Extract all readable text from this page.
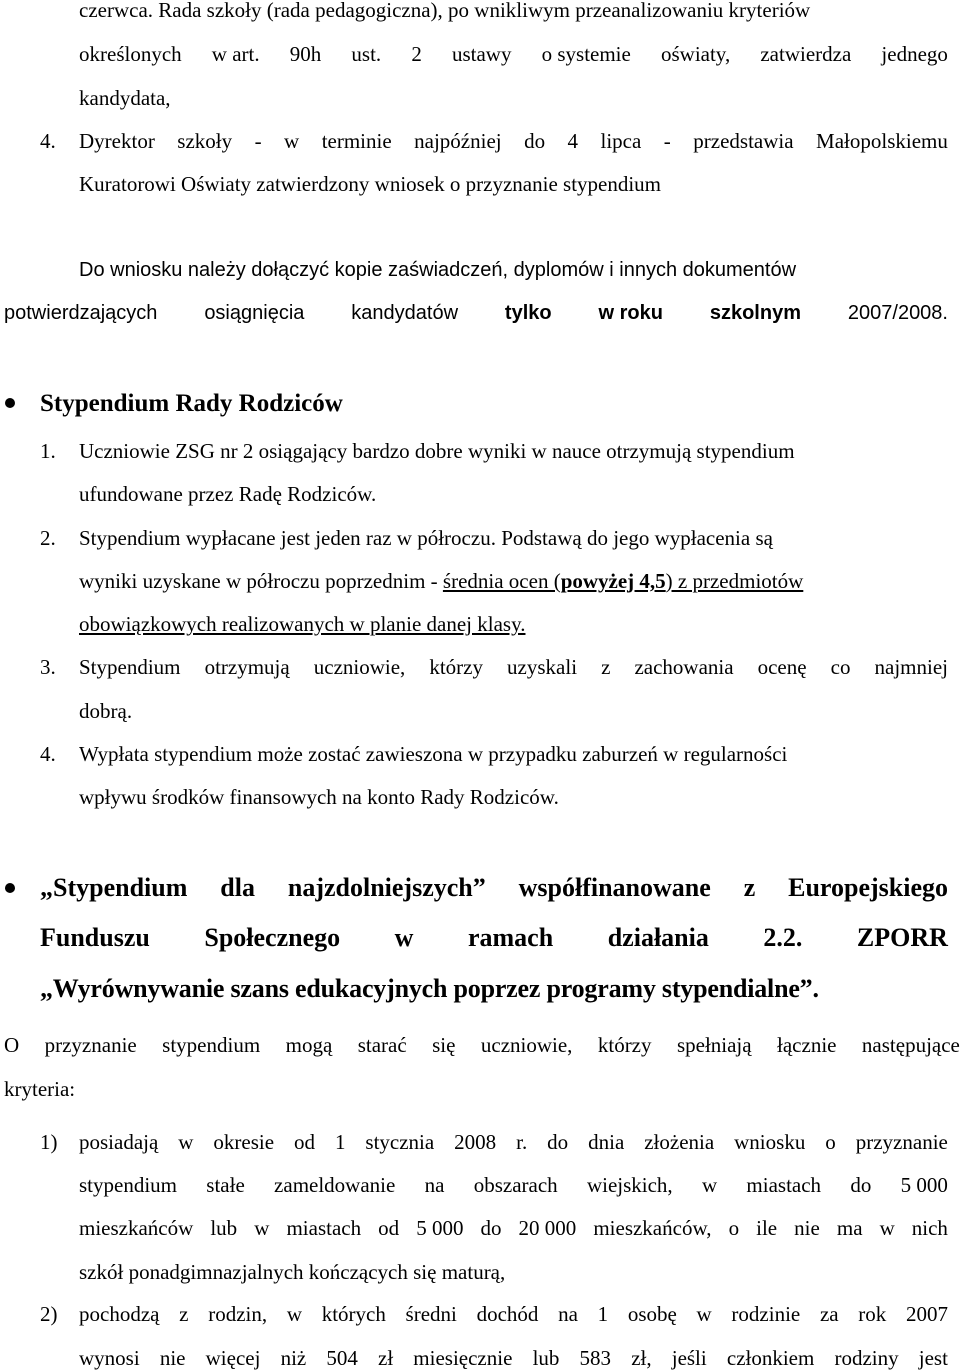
czerwca. Rada szkoły (rada pedagogiczna), po wnikliwym przeanalizowaniu kryteriów
określonych w art. 90h ust. 2 ustawy o systemie oświaty, zatwierdza jednego
kandydata,
4. Dyrektor szkoły - w terminie najpóźniej do 4 lipca - przedstawia Małopolskiemu
Kuratorowi Oświaty zatwierdzony wniosek o przyznanie stypendium
Do wniosku należy dołączyć kopie zaświadczeń, dyplomów i innych dokumentów
potwierdzających osiągnięcia kandydatów tylko w roku szkolnym 2007/2008.
Stypendium Rady Rodziców
1. Uczniowie ZSG nr 2 osiągający bardzo dobre wyniki w nauce otrzymują stypendium
ufundowane przez Radę Rodziców.
2. Stypendium wypłacane jest jeden raz w półroczu. Podstawą do jego wypłacenia są
wyniki uzyskane w półroczu poprzednim - średnia ocen (powyżej 4,5) z przedmiotów
obowiązkowych realizowanych w planie danej klasy.
3. Stypendium otrzymują uczniowie, którzy uzyskali z zachowania ocenę co najmniej
dobrą.
4. Wypłata stypendium może zostać zawieszona w przypadku zaburzeń w regularności
wpływu środków finansowych na konto Rady Rodziców.
„Stypendium dla najzdolniejszych” współfinanowane z Europejskiego
Funduszu Społecznego w ramach działania 2.2. ZPORR
„Wyrównywanie szans edukacyjnych poprzez programy stypendialne”.
O przyznanie stypendium mogą starać się uczniowie, którzy spełniają łącznie następujące
kryteria:
1) posiadają w okresie od 1 stycznia 2008 r. do dnia złożenia wniosku o przyznanie
stypendium stałe zameldowanie na obszarach wiejskich, w miastach do 5 000
mieszkańców lub w miastach od 5 000 do 20 000 mieszkańców, o ile nie ma w nich
szkół ponadgimnazjalnych kończących się maturą,
2) pochodzą z rodzin, w których średni dochód na 1 osobę w rodzinie za rok 2007
wynosi nie więcej niż 504 zł miesięcznie lub 583 zł, jeśli członkiem rodziny jest
